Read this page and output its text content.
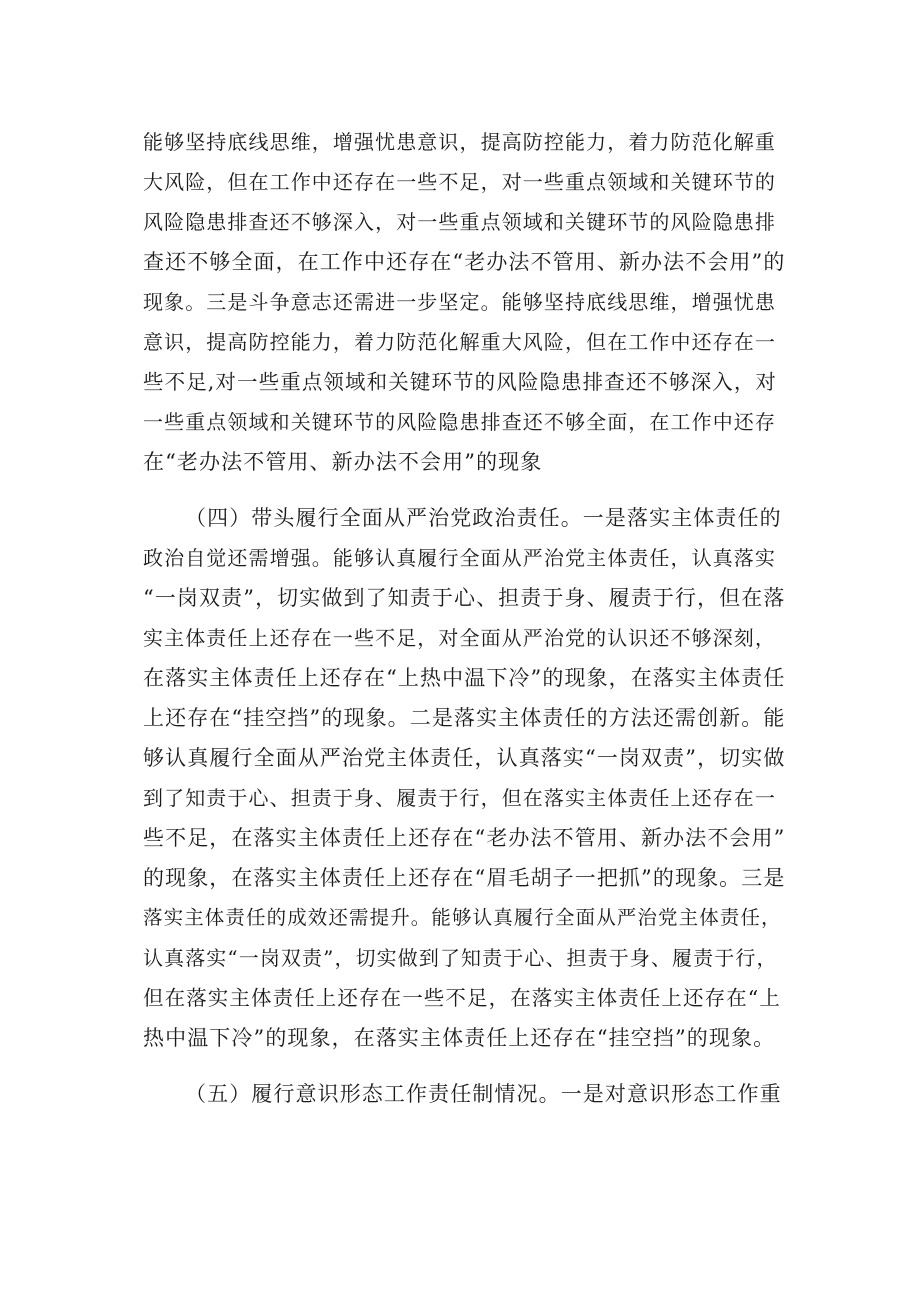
能够坚持底线思维，增强忧患意识，提高防控能力，着力防范化解重
大风险，但在工作中还存在一些不足，对一些重点领域和关键环节的
风险隐患排查还不够深入，对一些重点领域和关键环节的风险隐患排
查还不够全面，在工作中还存在“老办法不管用、新办法不会用”的
现象。三是斗争意志还需进一步坚定。能够坚持底线思维，增强忧患
意识，提高防控能力，着力防范化解重大风险，但在工作中还存在一
些不足,对一些重点领域和关键环节的风险隐患排查还不够深入，对
一些重点领域和关键环节的风险隐患排查还不够全面，在工作中还存
在“老办法不管用、新办法不会用”的现象
（四）带头履行全面从严治党政治责任。一是落实主体责任的
政治自觉还需增强。能够认真履行全面从严治党主体责任，认真落实
“一岗双责”，切实做到了知责于心、担责于身、履责于行，但在落
实主体责任上还存在一些不足，对全面从严治党的认识还不够深刻，
在落实主体责任上还存在“上热中温下冷”的现象，在落实主体责任
上还存在“挂空挡”的现象。二是落实主体责任的方法还需创新。能
够认真履行全面从严治党主体责任，认真落实“一岗双责”，切实做
到了知责于心、担责于身、履责于行，但在落实主体责任上还存在一
些不足，在落实主体责任上还存在“老办法不管用、新办法不会用”
的现象，在落实主体责任上还存在“眉毛胡子一把抓”的现象。三是
落实主体责任的成效还需提升。能够认真履行全面从严治党主体责任，
认真落实“一岗双责”，切实做到了知责于心、担责于身、履责于行，
但在落实主体责任上还存在一些不足，在落实主体责任上还存在“上
热中温下冷”的现象，在落实主体责任上还存在“挂空挡”的现象。
（五）履行意识形态工作责任制情况。一是对意识形态工作重
